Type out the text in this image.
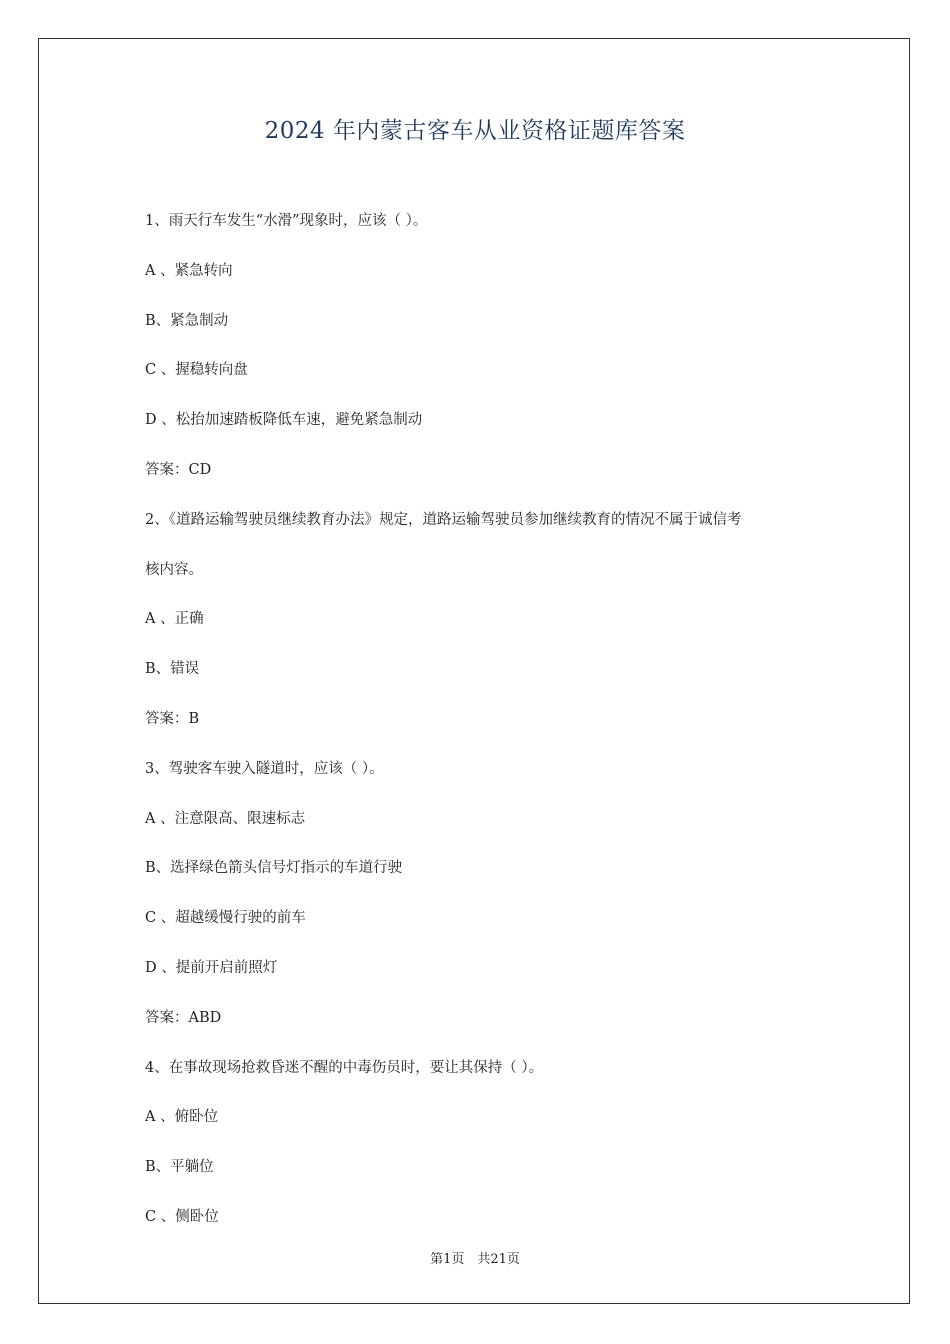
2024 年内蒙古客车从业资格证题库答案
1、雨天行车发生“水滑”现象时，应该（ ）。
A 、紧急转向
B、紧急制动
C 、握稳转向盘
D 、松抬加速踏板降低车速，避免紧急制动
答案：CD
2、《道路运输驾驶员继续教育办法》规定，道路运输驾驶员参加继续教育的情况不属于诚信考
核内容。
A 、正确
B、错误
答案：B
3、驾驶客车驶入隧道时，应该（ ）。
A 、注意限高、限速标志
B、选择绿色箭头信号灯指示的车道行驶
C 、超越缓慢行驶的前车
D 、提前开启前照灯
答案：ABD
4、在事故现场抢救昏迷不醒的中毒伤员时，要让其保持（ ）。
A 、俯卧位
B、平躺位
C 、侧卧位
第1页　共21页
